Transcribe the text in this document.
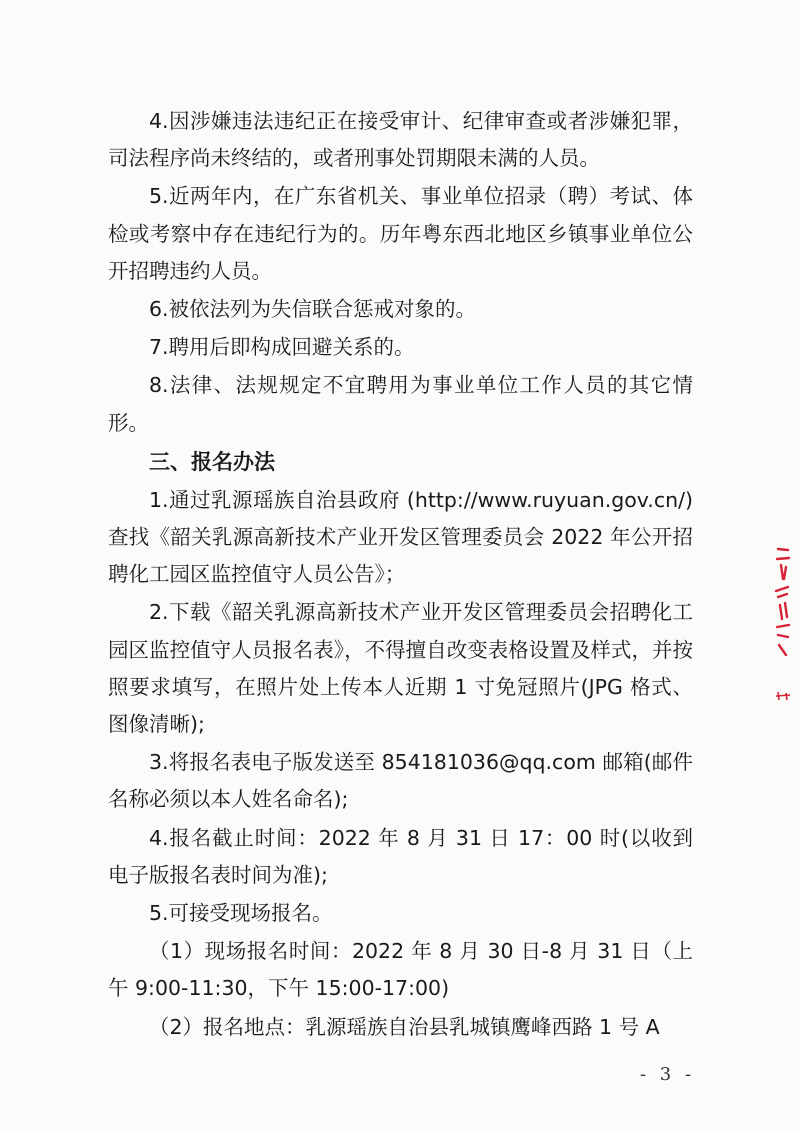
4.因涉嫌违法违纪正在接受审计、纪律审查或者涉嫌犯罪，司法程序尚未终结的，或者刑事处罚期限未满的人员。

5.近两年内，在广东省机关、事业单位招录（聘）考试、体检或考察中存在违纪行为的。历年粤东西北地区乡镇事业单位公开招聘违约人员。

6.被依法列为失信联合惩戒对象的。

7.聘用后即构成回避关系的。

8.法律、法规规定不宜聘用为事业单位工作人员的其它情形。

三、报名办法

1.通过乳源瑶族自治县政府 (http://www.ruyuan.gov.cn/) 查找《韶关乳源高新技术产业开发区管理委员会 2022 年公开招聘化工园区监控值守人员公告》；

2.下载《韶关乳源高新技术产业开发区管理委员会招聘化工园区监控值守人员报名表》，不得擅自改变表格设置及样式，并按照要求填写，在照片处上传本人近期 1 寸免冠照片(JPG 格式、图像清晰);

3.将报名表电子版发送至 854181036@qq.com 邮箱(邮件名称必须以本人姓名命名);

4.报名截止时间：2022 年 8 月 31 日 17：00 时(以收到电子版报名表时间为准);

5.可接受现场报名。

（1）现场报名时间：2022 年 8 月 30 日-8 月 31 日（上午 9:00-11:30，下午 15:00-17:00)

（2）报名地点：乳源瑶族自治县乳城镇鹰峰西路 1 号 A

- 3 -
